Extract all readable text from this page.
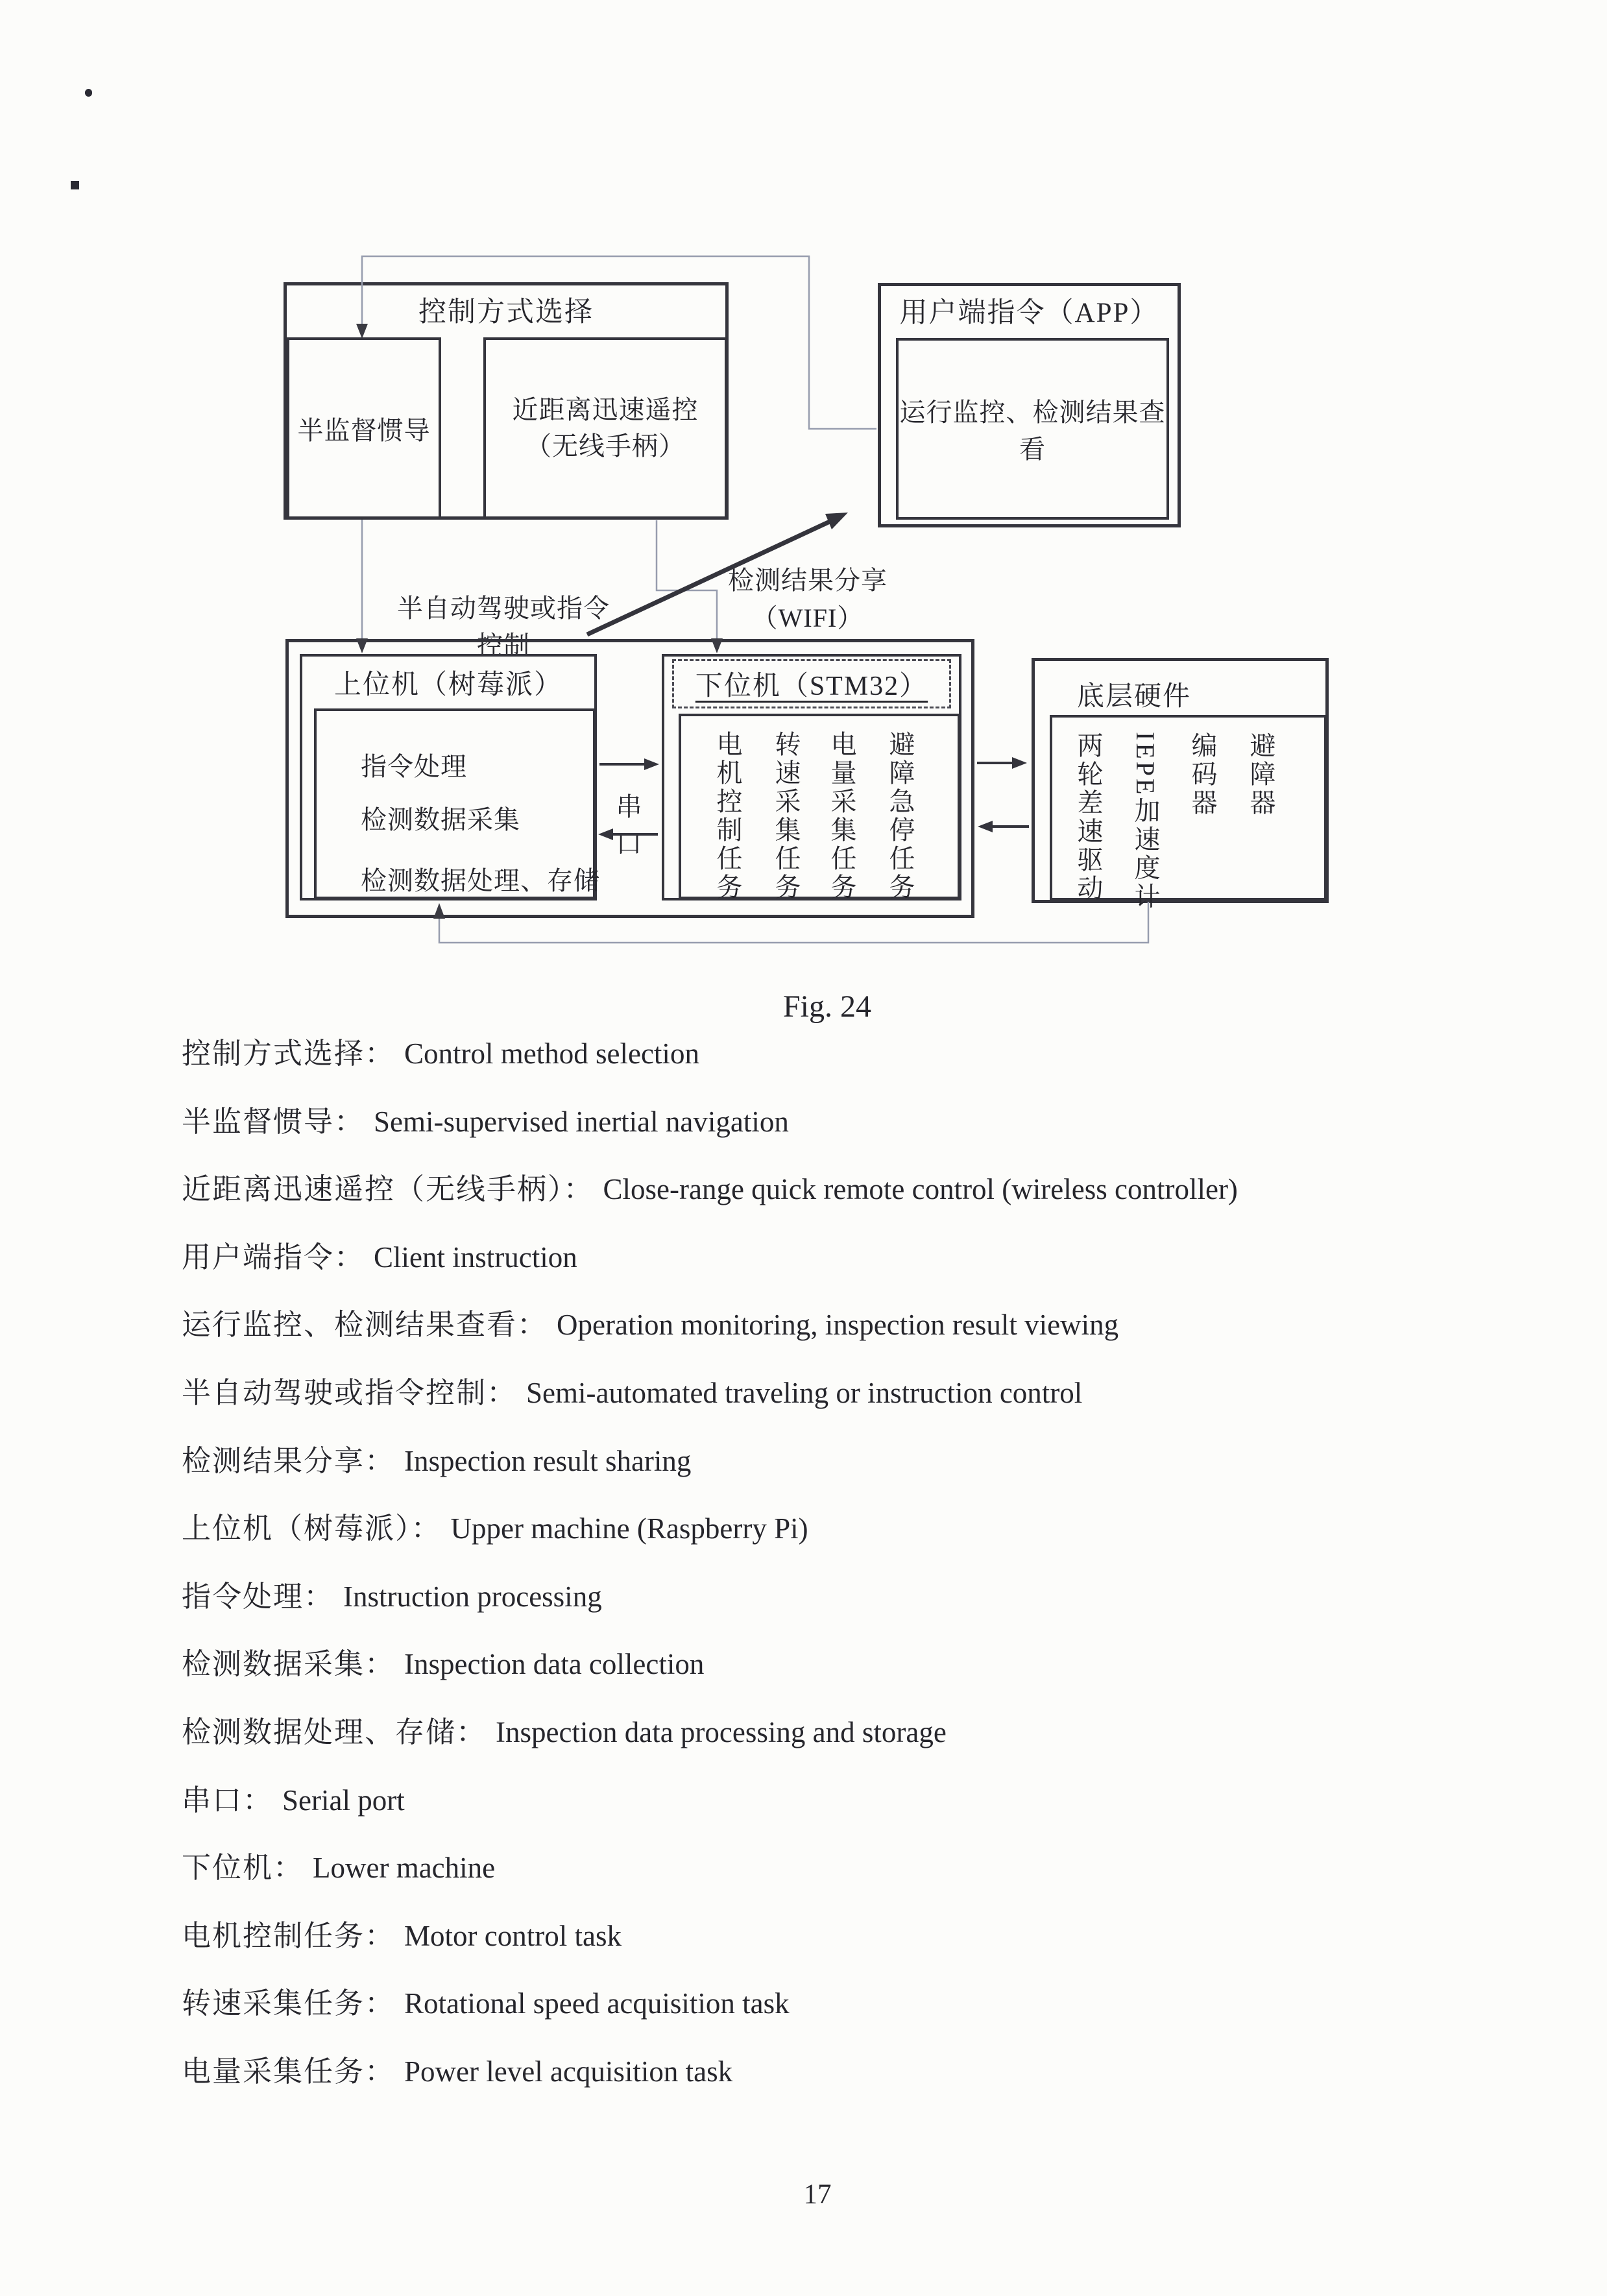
控制方式选择
半监督惯导
近距离迅速遥控
（无线手柄）
用户端指令（APP）
运行监控、检测结果查看
半自动驾驶或指令控制
检测结果分享
（WIFI）
上位机（树莓派）
指令处理
检测数据采集
检测数据处理、存储
串口
下位机（STM32）
电机控制任务 转速采集任务 电量采集任务 避障急停任务
底层硬件
两轮差速驱动 IEPE加速度计 编码器 避障器
Fig. 24
控制方式选择： Control method selection
半监督惯导： Semi-supervised inertial navigation
近距离迅速遥控（无线手柄）： Close-range quick remote control (wireless controller)
用户端指令： Client instruction
运行监控、检测结果查看： Operation monitoring, inspection result viewing
半自动驾驶或指令控制： Semi-automated traveling or instruction control
检测结果分享： Inspection result sharing
上位机（树莓派）： Upper machine (Raspberry Pi)
指令处理： Instruction processing
检测数据采集： Inspection data collection
检测数据处理、存储： Inspection data processing and storage
串口： Serial port
下位机： Lower machine
电机控制任务： Motor control task
转速采集任务： Rotational speed acquisition task
电量采集任务： Power level acquisition task
17
